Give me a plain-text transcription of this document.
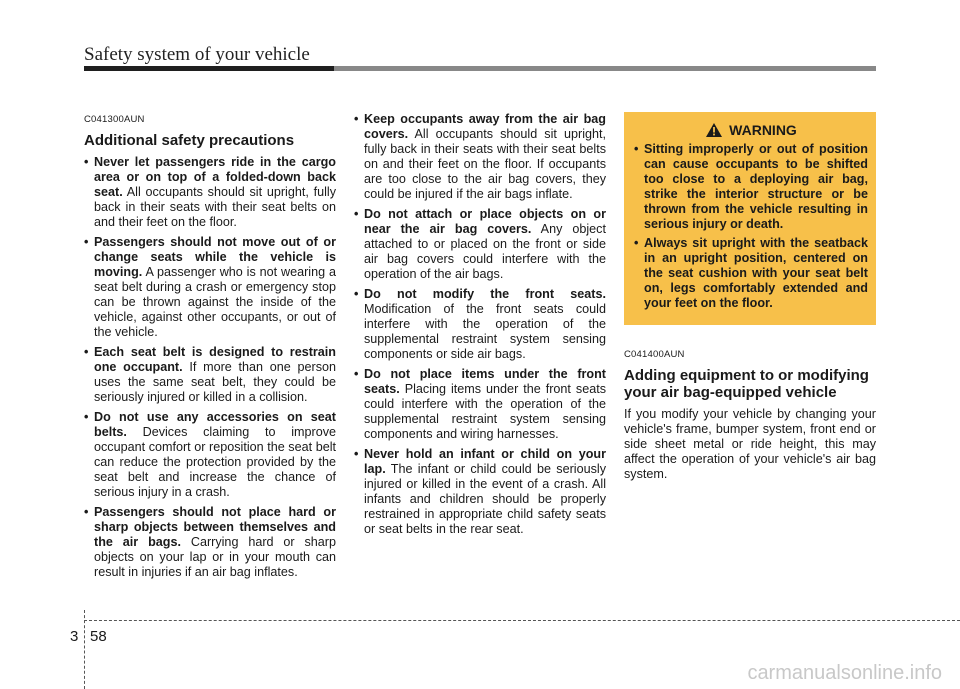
Safety system of your vehicle
C041300AUN
Additional safety precautions
• Never let passengers ride in the cargo area or on top of a folded-down back seat. All occupants should sit upright, fully back in their seats with their seat belts on and their feet on the floor.
• Passengers should not move out of or change seats while the vehicle is moving. A passenger who is not wearing a seat belt during a crash or emergency stop can be thrown against the inside of the vehicle, against other occupants, or out of the vehicle.
• Each seat belt is designed to restrain one occupant. If more than one person uses the same seat belt, they could be seriously injured or killed in a collision.
• Do not use any accessories on seat belts. Devices claiming to improve occupant comfort or reposition the seat belt can reduce the protection provided by the seat belt and increase the chance of serious injury in a crash.
• Passengers should not place hard or sharp objects between themselves and the air bags. Carrying hard or sharp objects on your lap or in your mouth can result in injuries if an air bag inflates.
• Keep occupants away from the air bag covers. All occupants should sit upright, fully back in their seats with their seat belts on and their feet on the floor. If occupants are too close to the air bag covers, they could be injured if the air bags inflate.
• Do not attach or place objects on or near the air bag covers. Any object attached to or placed on the front or side air bag covers could interfere with the operation of the air bags.
• Do not modify the front seats. Modification of the front seats could interfere with the operation of the supplemental restraint system sensing components or side air bags.
• Do not place items under the front seats. Placing items under the front seats could interfere with the operation of the supplemental restraint system sensing components and wiring harnesses.
• Never hold an infant or child on your lap. The infant or child could be seriously injured or killed in the event of a crash. All infants and children should be properly restrained in appropriate child safety seats or seat belts in the rear seat.
WARNING
• Sitting improperly or out of position can cause occupants to be shifted too close to a deploying air bag, strike the interior structure or be thrown from the vehicle resulting in serious injury or death.
• Always sit upright with the seatback in an upright position, centered on the seat cushion with your seat belt on, legs comfortably extended and your feet on the floor.
C041400AUN
Adding equipment to or modifying your air bag-equipped vehicle

If you modify your vehicle by changing your vehicle's frame, bumper system, front end or side sheet metal or ride height, this may affect the operation of your vehicle's air bag system.

3 58
carmanualsonline.info
